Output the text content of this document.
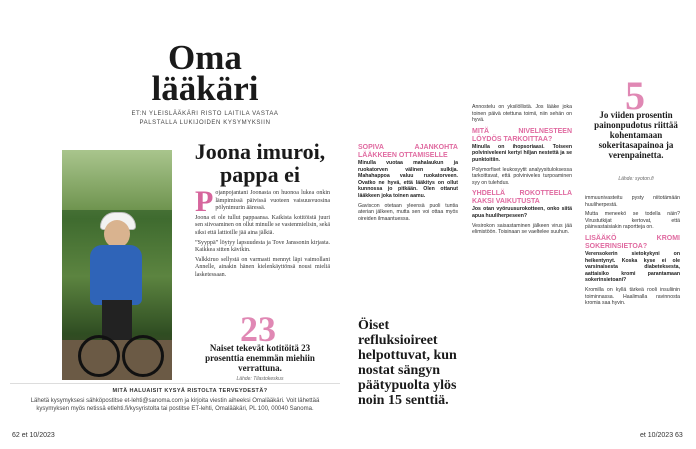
Oma lääkäri
ET:N YLEISLÄÄKÄRI RISTO LAITILA VASTAA PALSTALLA LUKIJOIDEN KYSYMYKSIIN
Joona imuroi, pappa ei

Pojanpojantani Joonasta on huonoa lukea onkin lämpimissä päivissä vuoteen vaisuusvuosina pölynimurin ääressä.

Joona ei ole tullut pappaansa. Kaikista kotitöistä juuri sen siivoaminen on ollut minulle se vastenmielisin, sekä siksi että lattioille jää aina jälkiä.

”Syyppä” löytyy lapsuudesta ja Tove Janssonin kirjasta. Kaikkea sitten kävikin.

Valkkiruo sellystä on varmasti mennyt läpi vaimollani Annelle, ainakin hänen kielenkäyttönsä nousi mieliä lasketessaan.

23
Naiset tekevät kotitöitä 23 prosenttia enemmän miehiin verrattuna.
Lähde: Tilastokeskus
MITÄ HALUAISIT KYSYÄ RISTOLTA TERVEYDESTÄ?
Lähetä kysymyksesi sähköpostitse et-lehti@sanoma.com ja kirjoita viestin aiheeksi Omalääkäri. Voit lähettää kysymyksen myös netissä etlehti.fi/kysyristolta tai postitse ET-lehti, Omalääkäri, PL 100, 00040 Sanoma.
62 et 10/2023	et 10/2023 63
SOPIVA AJANKOHTA LÄÄKKEEN OTTAMISELLE

Minulla vuotaa mahalaukun ja ruokatorven välinen sulkija. Mahahappoa valuu ruokatorveen. Ovatko ne hyvä, että lääkitys on ollut kunnossa jo pitkään. Olen ottanut lääkkeen joka toinen aamu.

Gaviscon otetaan yleensä puoli tuntia aterian jälkeen, mutta sen voi ottaa myös oireiden ilmaantuessa.

Öiset refluksioireet helpottuvat, kun nostat sängyn päätypuolta ylös noin 15 senttiä.

Annostelu on yksilöllistä. Jos lääke joka toinen päivä otettuna toimii, niin sehän on hyvä.

MITÄ NIVELNESTEEN LÖYDÖS TARKOITTAA?

Minulla on ihopsoriaasi. Toiseen polviniveleeni kertyi hiljan nestettä ja se punktoitiin.

Polymorfiset leukosyytit analyysituloksessa tarkoittavat, että polviniveles turpoaminen syy on tulehdus.

YHDELLÄ ROKOTTEELLA KAKSI VAIKUTUSTA

Jos otan vyöruusurokotteen, onko siitä apua huuliherpeseen?

Vesirokon saisastaminen jälkeen virus jää elimistöön. Toisinaan se vaeltelee suuhun.

5
Jo viiden prosentin painonpudotus riittää kohentamaan sokeritasapainoa ja verenpainetta.
Lähde: syoton.fi

immuunivasteitu pysty niitotämään huuliherpestä.

Mutta meneekö se todella näin? Virustutkijat kertovat, että päinvastaisiakin raportteja on.

LISÄÄKÖ KROMI SOKERINSIETOA?

Verensokerin sietokykyni on heikentynyt. Koska kyse ei ole varsinaisesta diabeteksesta, aattaisiko kromi parantamaan sokerinsietoani?

Kromilla on kyllä tärkeä rooli insuliinin toiminnassa. Haalimalla ravinnosta kromia saa hyvin.
